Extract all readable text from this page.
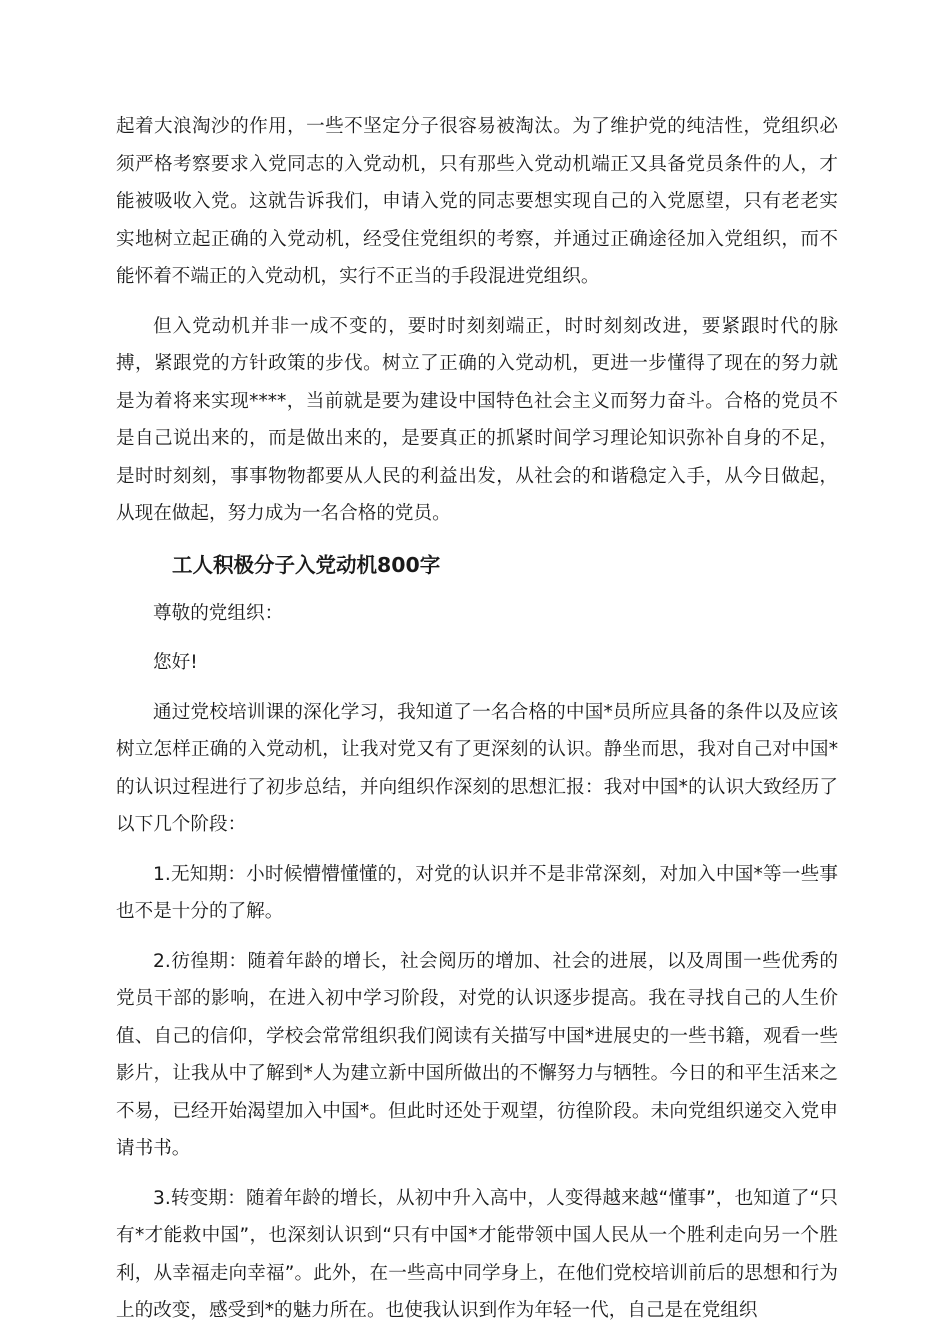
起着大浪淘沙的作用，一些不坚定分子很容易被淘汰。为了维护党的纯洁性，党组织必须严格考察要求入党同志的入党动机，只有那些入党动机端正又具备党员条件的人，才能被吸收入党。这就告诉我们，申请入党的同志要想实现自己的入党愿望，只有老老实实地树立起正确的入党动机，经受住党组织的考察，并通过正确途径加入党组织，而不能怀着不端正的入党动机，实行不正当的手段混进党组织。

但入党动机并非一成不变的，要时时刻刻端正，时时刻刻改进，要紧跟时代的脉搏，紧跟党的方针政策的步伐。树立了正确的入党动机，更进一步懂得了现在的努力就是为着将来实现****，当前就是要为建设中国特色社会主义而努力奋斗。合格的党员不是自己说出来的，而是做出来的，是要真正的抓紧时间学习理论知识弥补自身的不足，是时时刻刻，事事物物都要从人民的利益出发，从社会的和谐稳定入手，从今日做起，从现在做起，努力成为一名合格的党员。

工人积极分子入党动机800字

尊敬的党组织：

您好!

通过党校培训课的深化学习，我知道了一名合格的中国*员所应具备的条件以及应该树立怎样正确的入党动机，让我对党又有了更深刻的认识。静坐而思，我对自己对中国*的认识过程进行了初步总结，并向组织作深刻的思想汇报：我对中国*的认识大致经历了以下几个阶段：

1.无知期：小时候懵懵懂懂的，对党的认识并不是非常深刻，对加入中国*等一些事也不是十分的了解。

2.彷徨期：随着年龄的增长，社会阅历的增加、社会的进展，以及周围一些优秀的党员干部的影响，在进入初中学习阶段，对党的认识逐步提高。我在寻找自己的人生价值、自己的信仰，学校会常常组织我们阅读有关描写中国*进展史的一些书籍，观看一些影片，让我从中了解到*人为建立新中国所做出的不懈努力与牺牲。今日的和平生活来之不易，已经开始渴望加入中国*。但此时还处于观望，彷徨阶段。未向党组织递交入党申请书书。

3.转变期：随着年龄的增长，从初中升入高中，人变得越来越“懂事”，也知道了“只有*才能救中国”，也深刻认识到“只有中国*才能带领中国人民从一个胜利走向另一个胜利，从幸福走向幸福”。此外，在一些高中同学身上，在他们党校培训前后的思想和行为上的改变，感受到*的魅力所在。也使我认识到作为年轻一代，自己是在党组织
